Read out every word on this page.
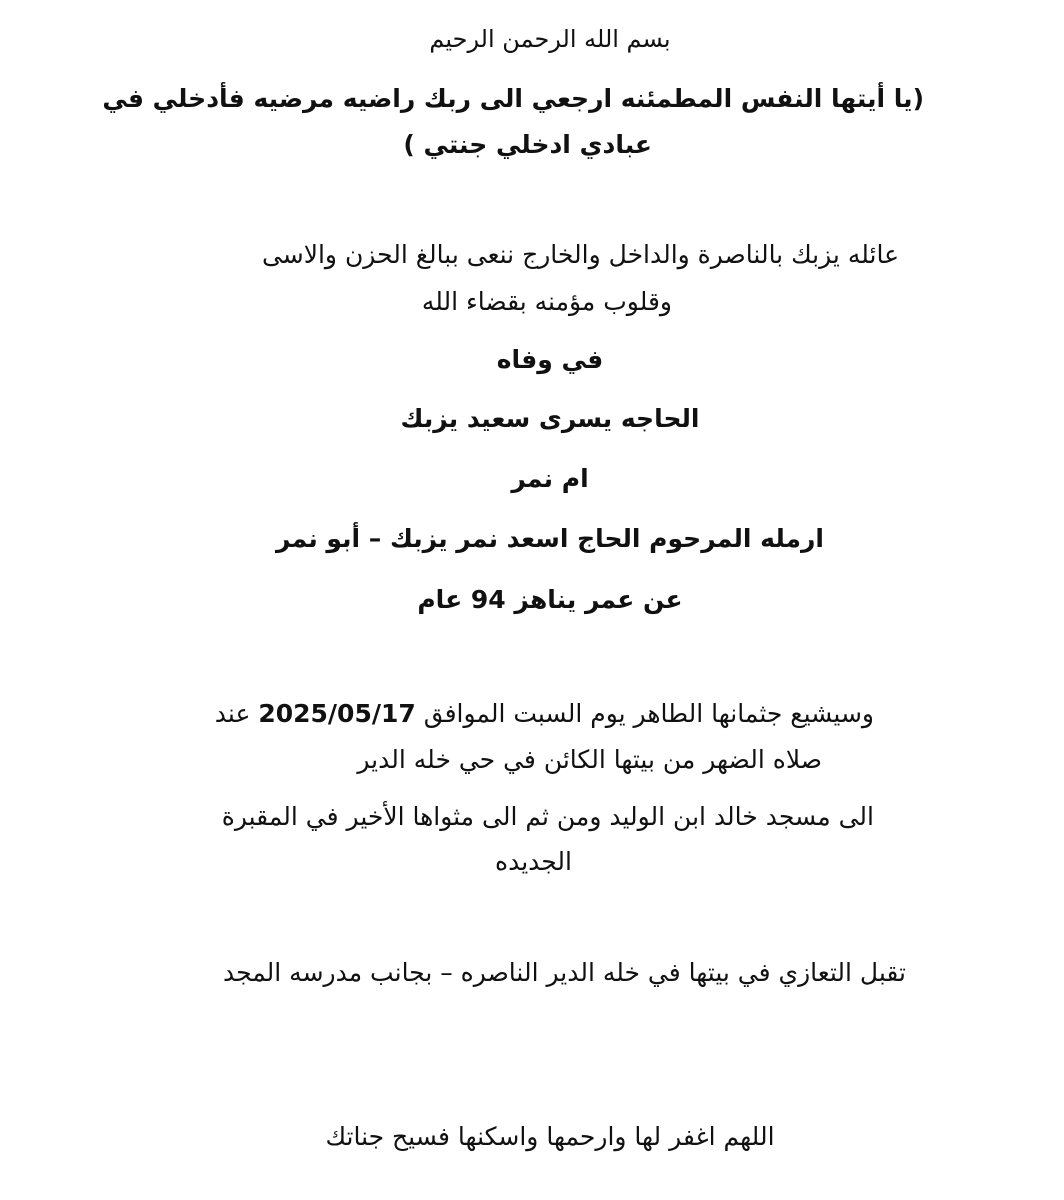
بسم الله الرحمن الرحيم
(يا أيتها النفس المطمئنه ارجعي الى ربك راضيه مرضيه فأدخلي في
عبادي ادخلي جنتي )
عائله يزبك بالناصرة والداخل والخارج ننعى ببالغ الحزن والاسى
وقلوب مؤمنه بقضاء الله
في وفاه
الحاجه يسرى سعيد يزبك
ام نمر
ارمله المرحوم الحاج اسعد نمر يزبك – أبو نمر
عن عمر يناهز 94 عام
وسيشيع جثمانها الطاهر يوم السبت الموافق 2025/05/17 عند
صلاه الضهر من بيتها الكائن في حي خله الدير
الى مسجد خالد ابن الوليد ومن ثم الى مثواها الأخير في المقبرة
الجديده
تقبل التعازي في بيتها في خله الدير الناصره – بجانب مدرسه المجد
اللهم اغفر لها وارحمها واسكنها فسيح جناتك
